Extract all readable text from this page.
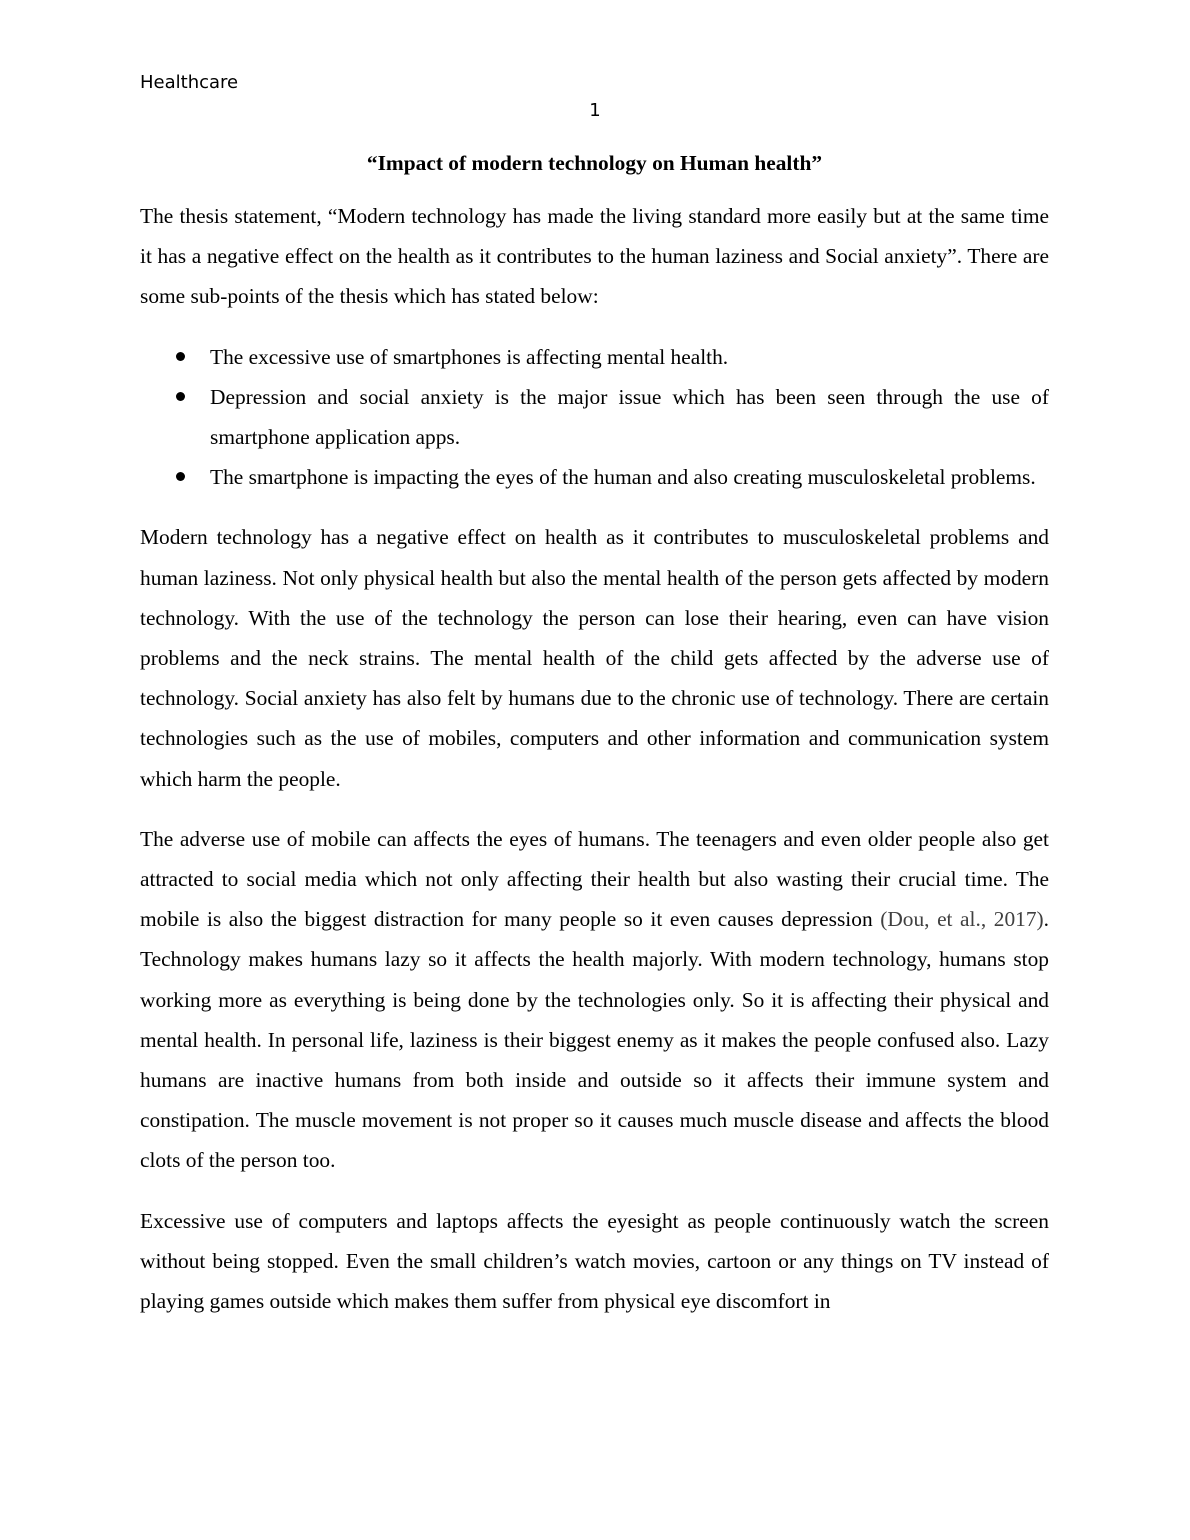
Healthcare
1
“Impact of modern technology on Human health”

The thesis statement, “Modern technology has made the living standard more easily but at the same time it has a negative effect on the health as it contributes to the human laziness and Social anxiety”. There are some sub-points of the thesis which has stated below:

The excessive use of smartphones is affecting mental health.
Depression and social anxiety is the major issue which has been seen through the use of smartphone application apps.
The smartphone is impacting the eyes of the human and also creating musculoskeletal problems.

Modern technology has a negative effect on health as it contributes to musculoskeletal problems and human laziness. Not only physical health but also the mental health of the person gets affected by modern technology. With the use of the technology the person can lose their hearing, even can have vision problems and the neck strains. The mental health of the child gets affected by the adverse use of technology. Social anxiety has also felt by humans due to the chronic use of technology. There are certain technologies such as the use of mobiles, computers and other information and communication system which harm the people.

The adverse use of mobile can affects the eyes of humans. The teenagers and even older people also get attracted to social media which not only affecting their health but also wasting their crucial time. The mobile is also the biggest distraction for many people so it even causes depression (Dou, et al., 2017). Technology makes humans lazy so it affects the health majorly. With modern technology, humans stop working more as everything is being done by the technologies only. So it is affecting their physical and mental health. In personal life, laziness is their biggest enemy as it makes the people confused also. Lazy humans are inactive humans from both inside and outside so it affects their immune system and constipation. The muscle movement is not proper so it causes much muscle disease and affects the blood clots of the person too.

Excessive use of computers and laptops affects the eyesight as people continuously watch the screen without being stopped. Even the small children’s watch movies, cartoon or any things on TV instead of playing games outside which makes them suffer from physical eye discomfort in
